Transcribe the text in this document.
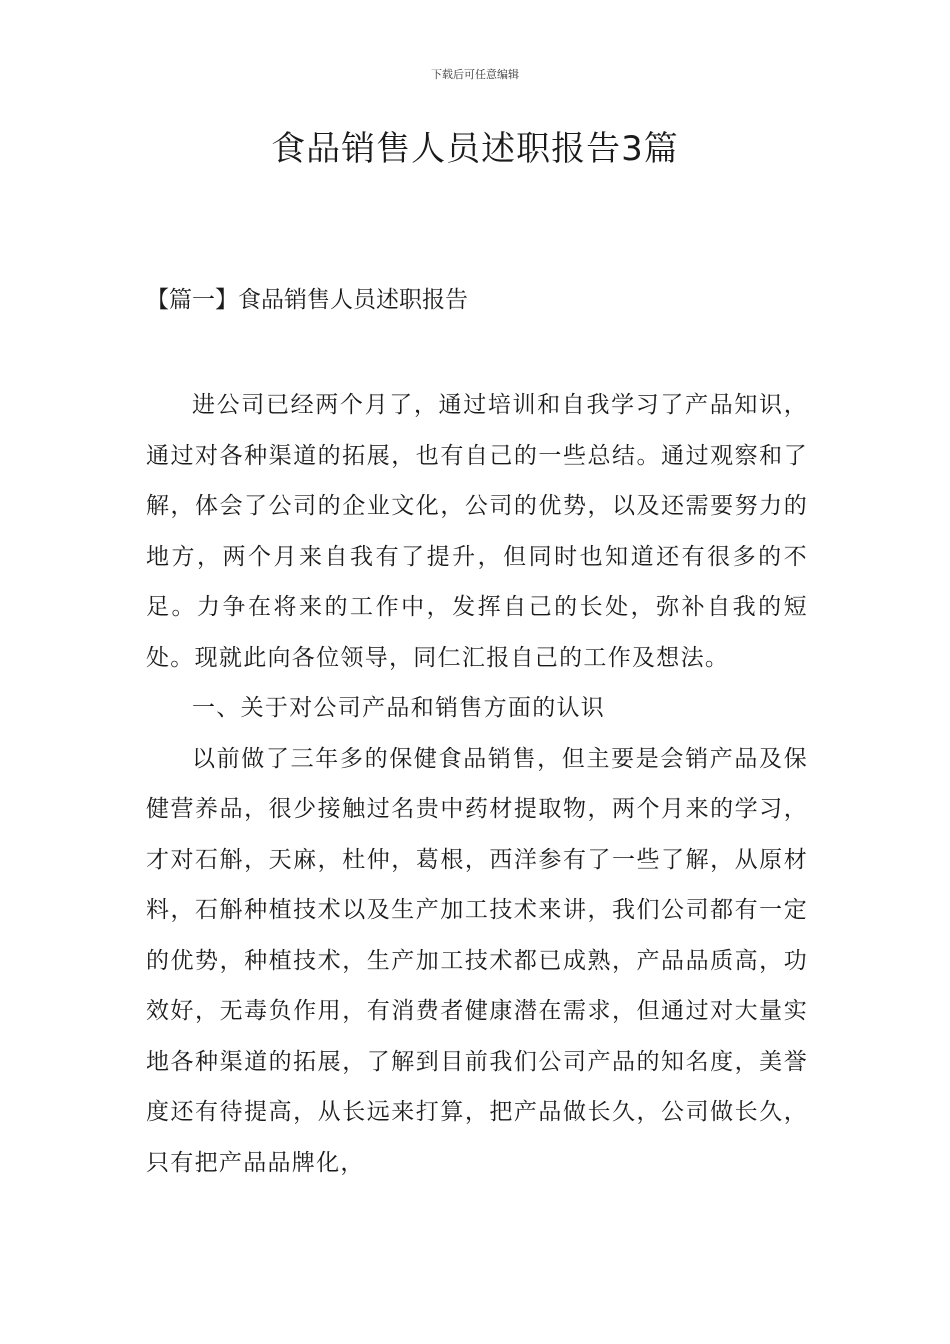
下载后可任意编辑
食品销售人员述职报告3篇
【篇一】食品销售人员述职报告

进公司已经两个月了，通过培训和自我学习了产品知识，通过对各种渠道的拓展，也有自己的一些总结。通过观察和了解，体会了公司的企业文化，公司的优势，以及还需要努力的地方，两个月来自我有了提升，但同时也知道还有很多的不足。力争在将来的工作中，发挥自己的长处，弥补自我的短处。现就此向各位领导，同仁汇报自己的工作及想法。

一、关于对公司产品和销售方面的认识

以前做了三年多的保健食品销售，但主要是会销产品及保健营养品，很少接触过名贵中药材提取物，两个月来的学习，才对石斛，天麻，杜仲，葛根，西洋参有了一些了解，从原材料，石斛种植技术以及生产加工技术来讲，我们公司都有一定的优势，种植技术，生产加工技术都已成熟，产品品质高，功效好，无毒负作用，有消费者健康潜在需求，但通过对大量实地各种渠道的拓展，了解到目前我们公司产品的知名度，美誉度还有待提高，从长远来打算，把产品做长久，公司做长久，只有把产品品牌化，
